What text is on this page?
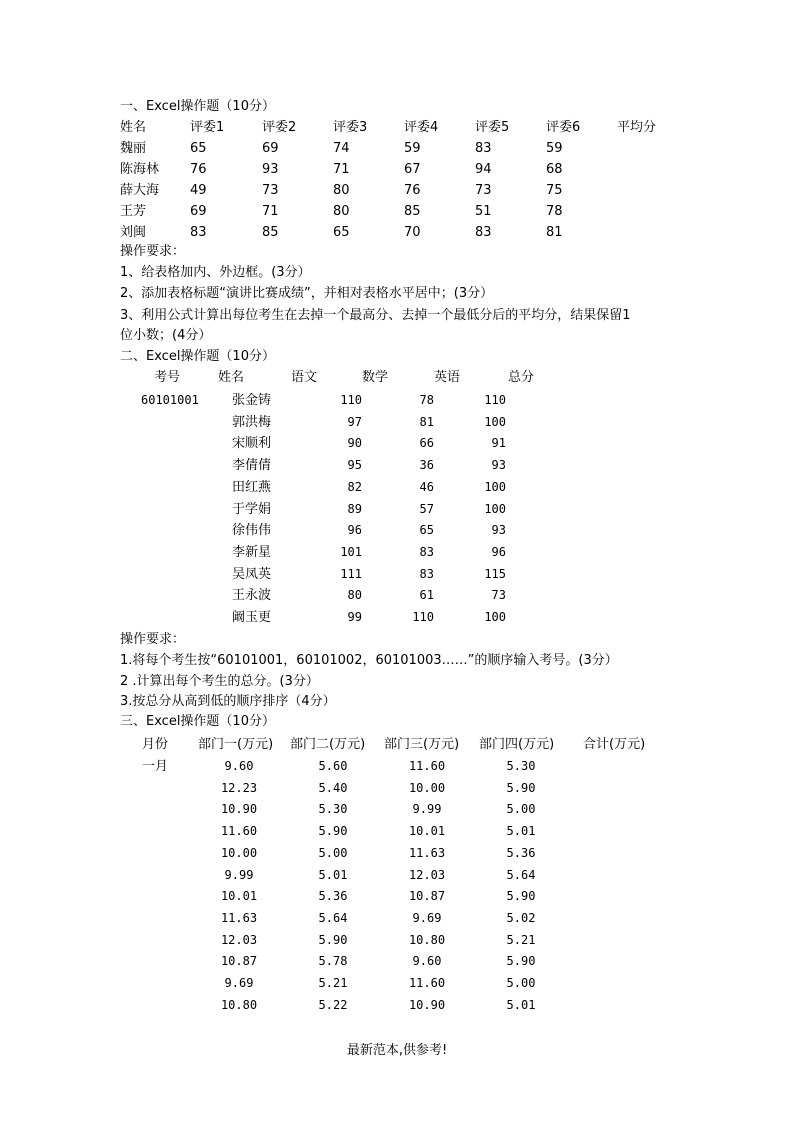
一、Excel操作题（10分）
姓名	评委1	评委2	评委3	评委4	评委5	评委6	平均分
魏丽	65	69	74	59	83	59
陈海林 76	93	71	67	94	68
薛大海 49	73	80	76	73	75
王芳	69	71	80	85	51	78
刘闽	83	85	65	70	83	81
操作要求：
1、给表格加内、外边框。(3分）
2、添加表格标题“演讲比赛成绩”，并相对表格水平居中；(3分）
3、利用公式计算出每位考生在去掉一个最高分、去掉一个最低分后的平均分，结果保留1
位小数；(4分）
二、Excel操作题（10分）
考号	姓名	语文	数学	英语	总分
60101001	张金铸	110	78	110
郭洪梅	97	81	100
宋顺利	90	66	91
李倩倩	95	36	93
田红燕	82	46	100
于学娟	89	57	100
徐伟伟	96	65	93
李新星	101	83	96
吴凤英	111	83	115
王永波	80	61	73
阚玉更	99	110	100
操作要求：
1.将每个考生按“60101001，60101002，60101003……”的顺序输入考号。(3分）
2 .计算出每个考生的总分。(3分）
3.按总分从高到低的顺序排序（4分）
三、Excel操作题（10分）
月份 部门一(万元) 部门二(万元) 部门三(万元) 部门四(万元) 合计(万元)
一月	9.60	5.60	11.60	5.30
12.23	5.40	10.00	5.90
10.90	5.30	9.99	5.00
11.60	5.90	10.01	5.01
10.00	5.00	11.63	5.36
9.99	5.01	12.03	5.64
10.01	5.36	10.87	5.90
11.63	5.64	9.69	5.02
12.03	5.90	10.80	5.21
10.87	5.78	9.60	5.90
9.69	5.21	11.60	5.00
10.80	5.22	10.90	5.01
最新范本,供参考!
